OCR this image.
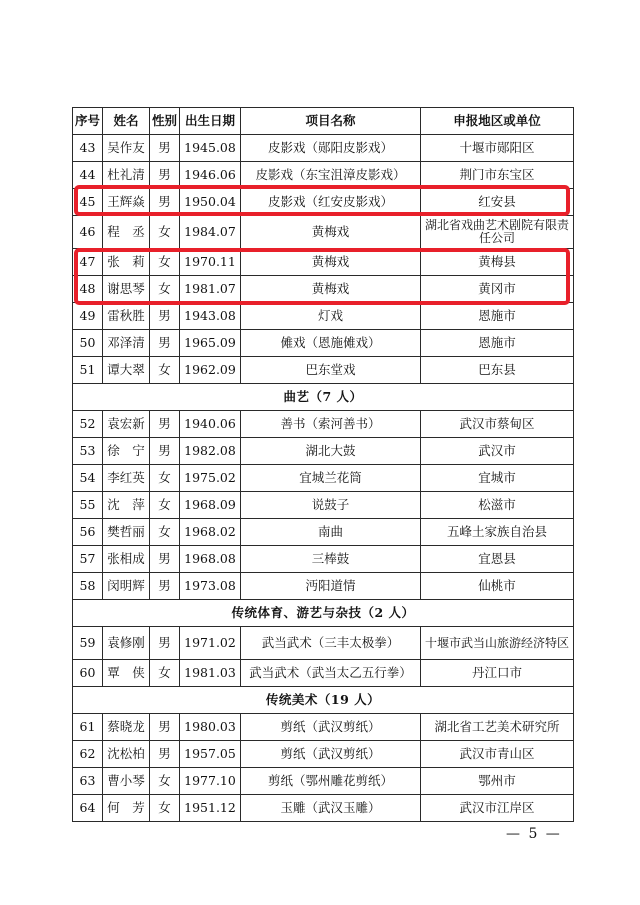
序号	姓名	性别	出生日期	项目名称	申报地区或单位
43	吴作友	男	1945.08	皮影戏（郧阳皮影戏）	十堰市郧阳区
44	杜礼清	男	1946.06	皮影戏（东宝沮漳皮影戏）	荆门市东宝区
45	王辉焱	男	1950.04	皮影戏（红安皮影戏）	红安县
46	程　丞	女	1984.07	黄梅戏	湖北省戏曲艺术剧院有限责任公司
47	张　莉	女	1970.11	黄梅戏	黄梅县
48	谢思琴	女	1981.07	黄梅戏	黄冈市
49	雷秋胜	男	1943.08	灯戏	恩施市
50	邓泽清	男	1965.09	傩戏（恩施傩戏）	恩施市
51	谭大翠	女	1962.09	巴东堂戏	巴东县
曲艺（7 人）					
52	袁宏新	男	1940.06	善书（索河善书）	武汉市蔡甸区
53	徐　宁	男	1982.08	湖北大鼓	武汉市
54	李红英	女	1975.02	宜城兰花筒	宜城市
55	沈　萍	女	1968.09	说鼓子	松滋市
56	樊哲丽	女	1968.02	南曲	五峰土家族自治县
57	张相成	男	1968.08	三棒鼓	宜恩县
58	闵明辉	男	1973.08	沔阳道情	仙桃市
传统体育、游艺与杂技（2 人）					
59	袁修刚	男	1971.02	武当武术（三丰太极拳）	十堰市武当山旅游经济特区
60	覃　侠	女	1981.03	武当武术（武当太乙五行拳）	丹江口市
传统美术（19 人）					
61	蔡晓龙	男	1980.03	剪纸（武汉剪纸）	湖北省工艺美术研究所
62	沈松柏	男	1957.05	剪纸（武汉剪纸）	武汉市青山区
63	曹小琴	女	1977.10	剪纸（鄂州雕花剪纸）	鄂州市
64	何　芳	女	1951.12	玉雕（武汉玉雕）	武汉市江岸区
— 5 —
